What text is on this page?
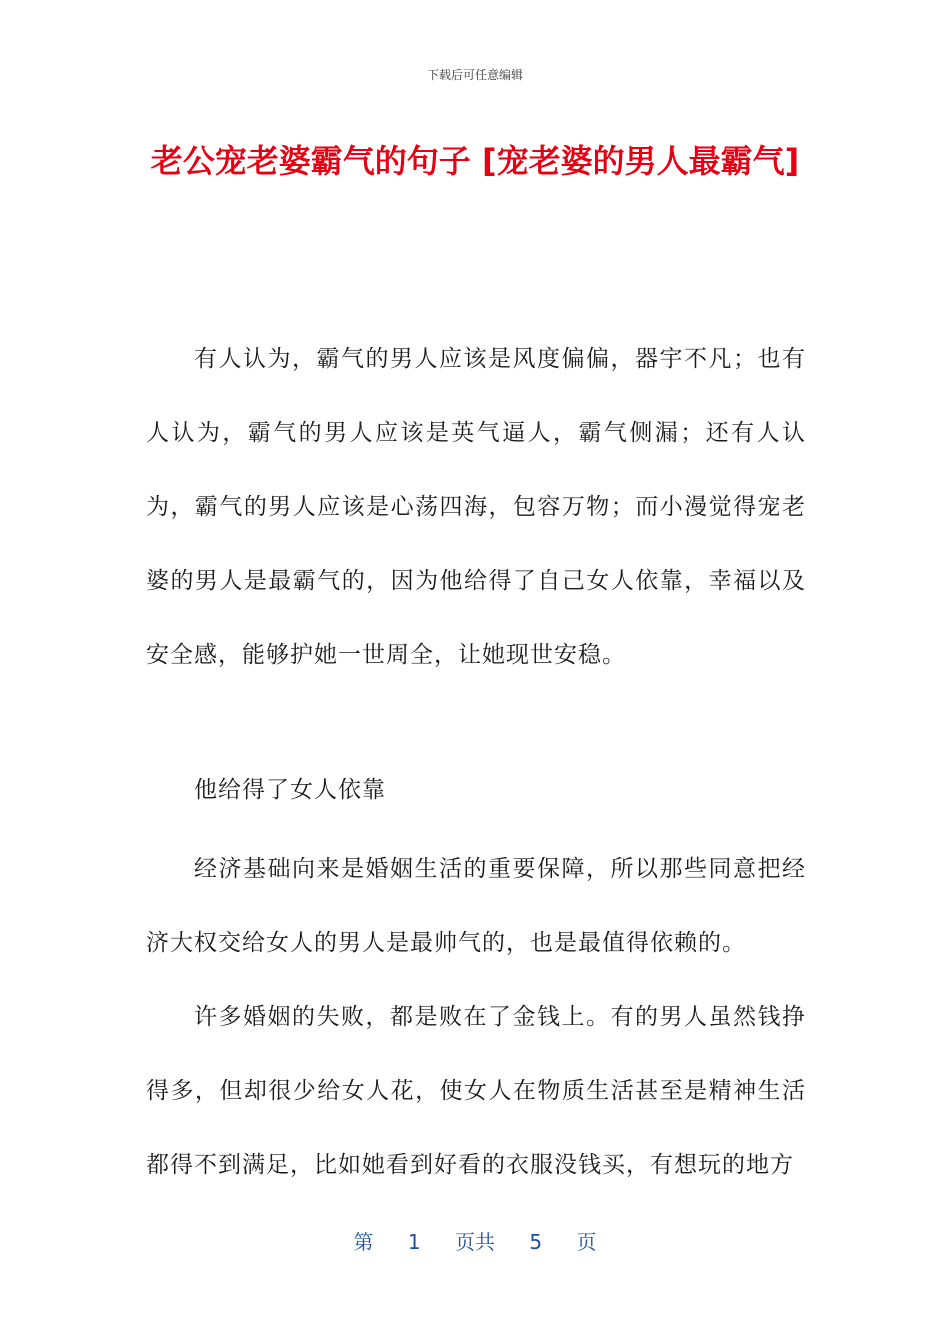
下载后可任意编辑
老公宠老婆霸气的句子 [宠老婆的男人最霸气]

有人认为，霸气的男人应该是风度偏偏，器宇不凡；也有人认为，霸气的男人应该是英气逼人，霸气侧漏；还有人认为，霸气的男人应该是心荡四海，包容万物；而小漫觉得宠老婆的男人是最霸气的，因为他给得了自己女人依靠，幸福以及安全感，能够护她一世周全，让她现世安稳。

他给得了女人依靠

经济基础向来是婚姻生活的重要保障，所以那些同意把经济大权交给女人的男人是最帅气的，也是最值得依赖的。

许多婚姻的失败，都是败在了金钱上。有的男人虽然钱挣得多，但却很少给女人花，使女人在物质生活甚至是精神生活都得不到满足，比如她看到好看的衣服没钱买，有想玩的地方

第 1 页共 5 页
